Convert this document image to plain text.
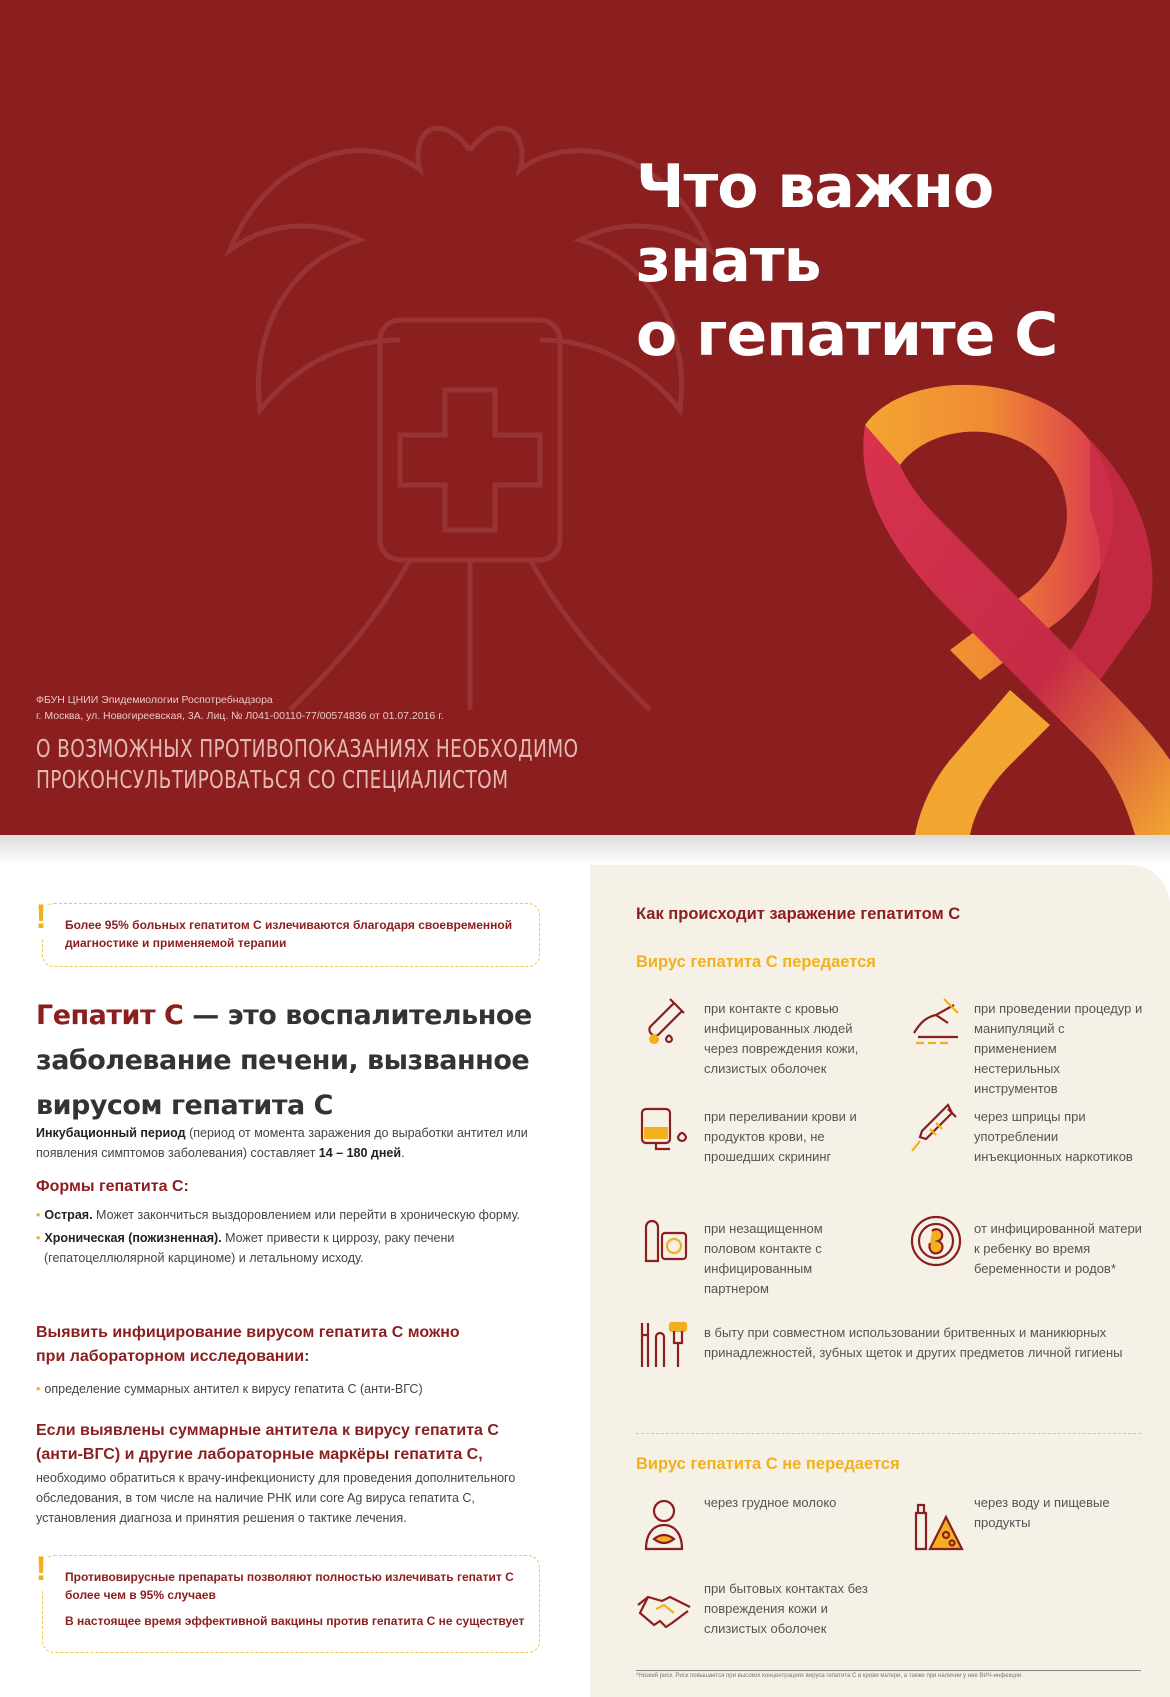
Что важно
знать
о гепатите С
ФБУН ЦНИИ Эпидемиологии Роспотребнадзора
г. Москва, ул. Новогиреевская, 3А. Лиц. № Л041-00110-77/00574836 от 01.07.2016 г.
О ВОЗМОЖНЫХ ПРОТИВОПОКАЗАНИЯХ НЕОБХОДИМО
ПРОКОНСУЛЬТИРОВАТЬСЯ СО СПЕЦИАЛИСТОМ
! Более 95% больных гепатитом С излечиваются благодаря своевременной диагностике и применяемой терапии

Гепатит С — это воспалительное заболевание печени, вызванное вирусом гепатита С
Инкубационный период (период от момента заражения до выработки антител или появления симптомов заболевания) составляет 14 – 180 дней.
Формы гепатита С:
• Острая. Может закончиться выздоровлением или перейти в хроническую форму.
• Хроническая (пожизненная). Может привести к циррозу, раку печени (гепатоцеллюлярной карциноме) и летальному исходу.
Выявить инфицирование вирусом гепатита С можно при лабораторном исследовании:
• определение суммарных антител к вирусу гепатита С (анти-ВГС)
Если выявлены суммарные антитела к вирусу гепатита С (анти-ВГС) и другие лабораторные маркёры гепатита С,
необходимо обратиться к врачу-инфекционисту для проведения дополнительного обследования, в том числе на наличие РНК или core Ag вируса гепатита С, установления диагноза и принятия решения о тактике лечения.
! Противовирусные препараты позволяют полностью излечивать гепатит С более чем в 95% случаев

В настоящее время эффективной вакцины против гепатита С не существует

Как происходит заражение гепатитом С
Вирус гепатита С передается
при контакте с кровью инфицированных людей через повреждения кожи, слизистых оболочек
при проведении процедур и манипуляций с применением нестерильных инструментов
при переливании крови и продуктов крови, не прошедших скрининг
через шприцы при употреблении инъекционных наркотиков
при незащищенном половом контакте с инфицированным партнером
от инфицированной матери к ребенку во время беременности и родов*
в быту при совместном использовании бритвенных и маникюрных принадлежностей, зубных щеток и других предметов личной гигиены
Вирус гепатита С не передается
через грудное молоко	через воду и пищевые продукты
при бытовых контактах без повреждения кожи и слизистых оболочек
*Низкий риск. Риск повышается при высоких концентрациях вируса гепатита С в крови матери, а также при наличии у нее ВИЧ-инфекции.
